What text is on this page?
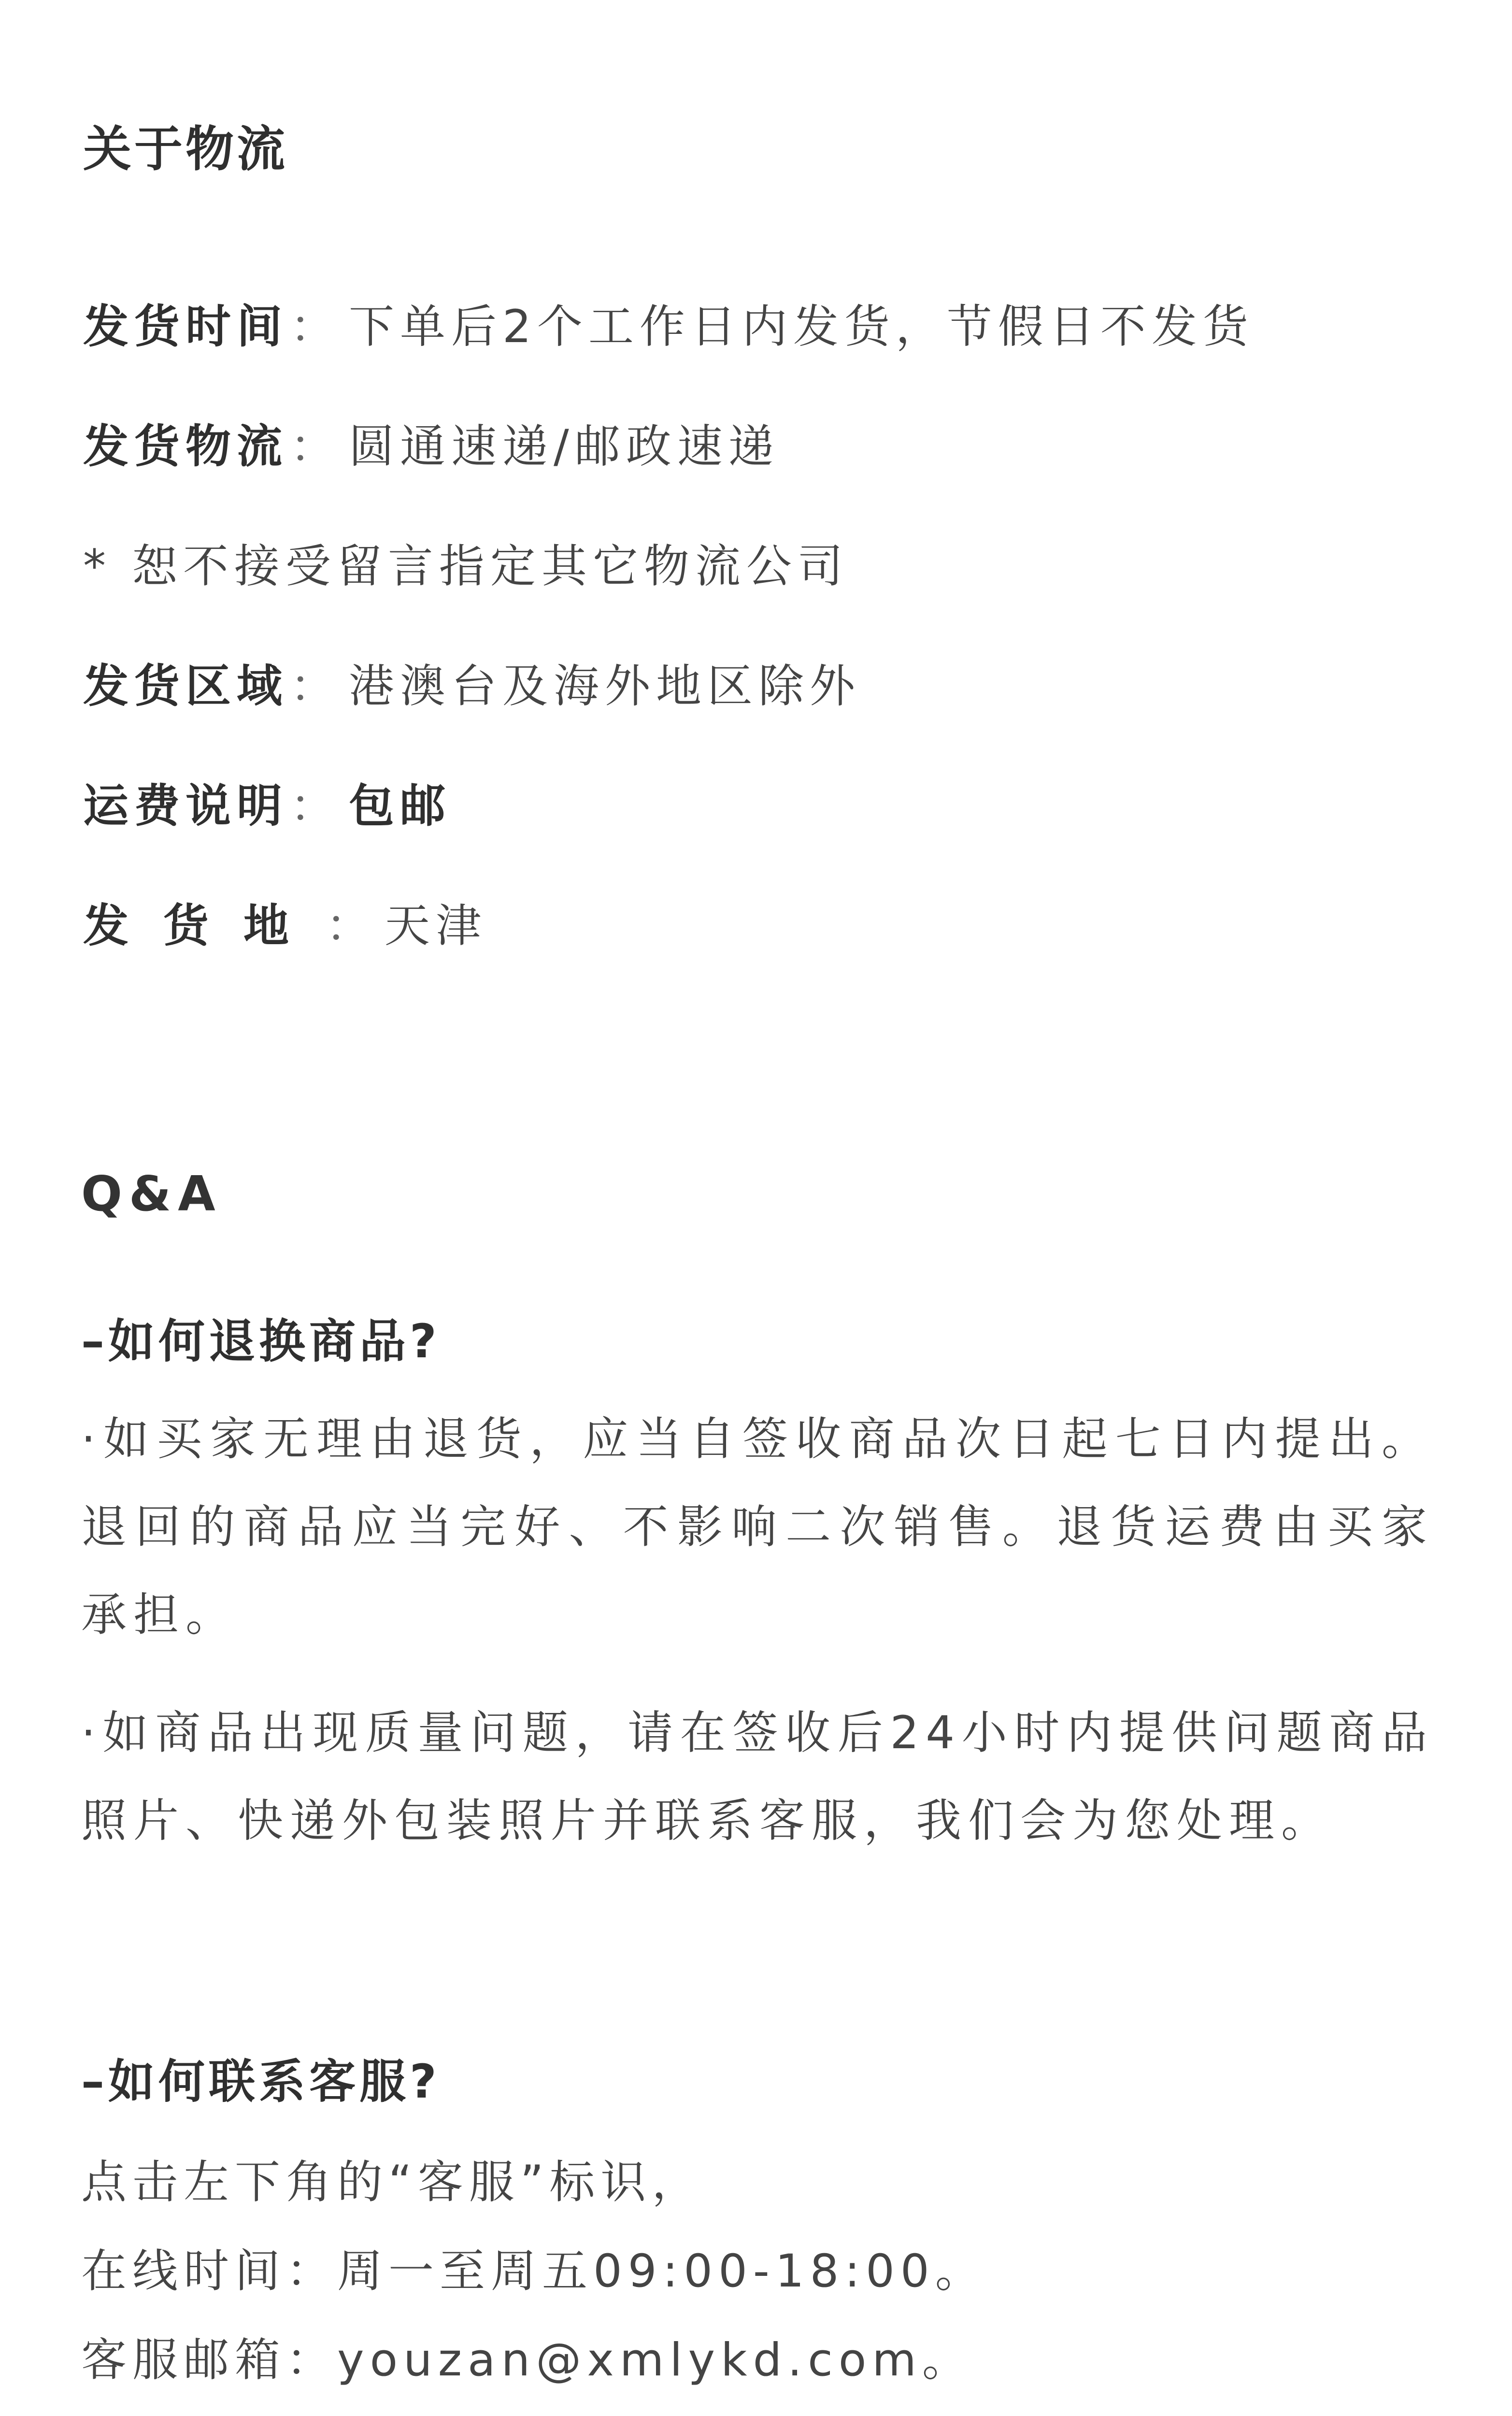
关于物流
发货时间： 下单后2个工作日内发货，节假日不发货
发货物流： 圆通速递/邮政速递
* 恕不接受留言指定其它物流公司
发货区域： 港澳台及海外地区除外
运费说明： 包邮
发货地： 天津
Q&A
–如何退换商品?

·如买家无理由退货，应当自签收商品次日起七日内提出。退回的商品应当完好、不影响二次销售。退货运费由买家承担。

·如商品出现质量问题，请在签收后24小时内提供问题商品照片、快递外包装照片并联系客服，我们会为您处理。

–如何联系客服?

点击左下角的“客服”标识，

在线时间：周一至周五09:00-18:00。

客服邮箱：youzan@xmlykd.com。
